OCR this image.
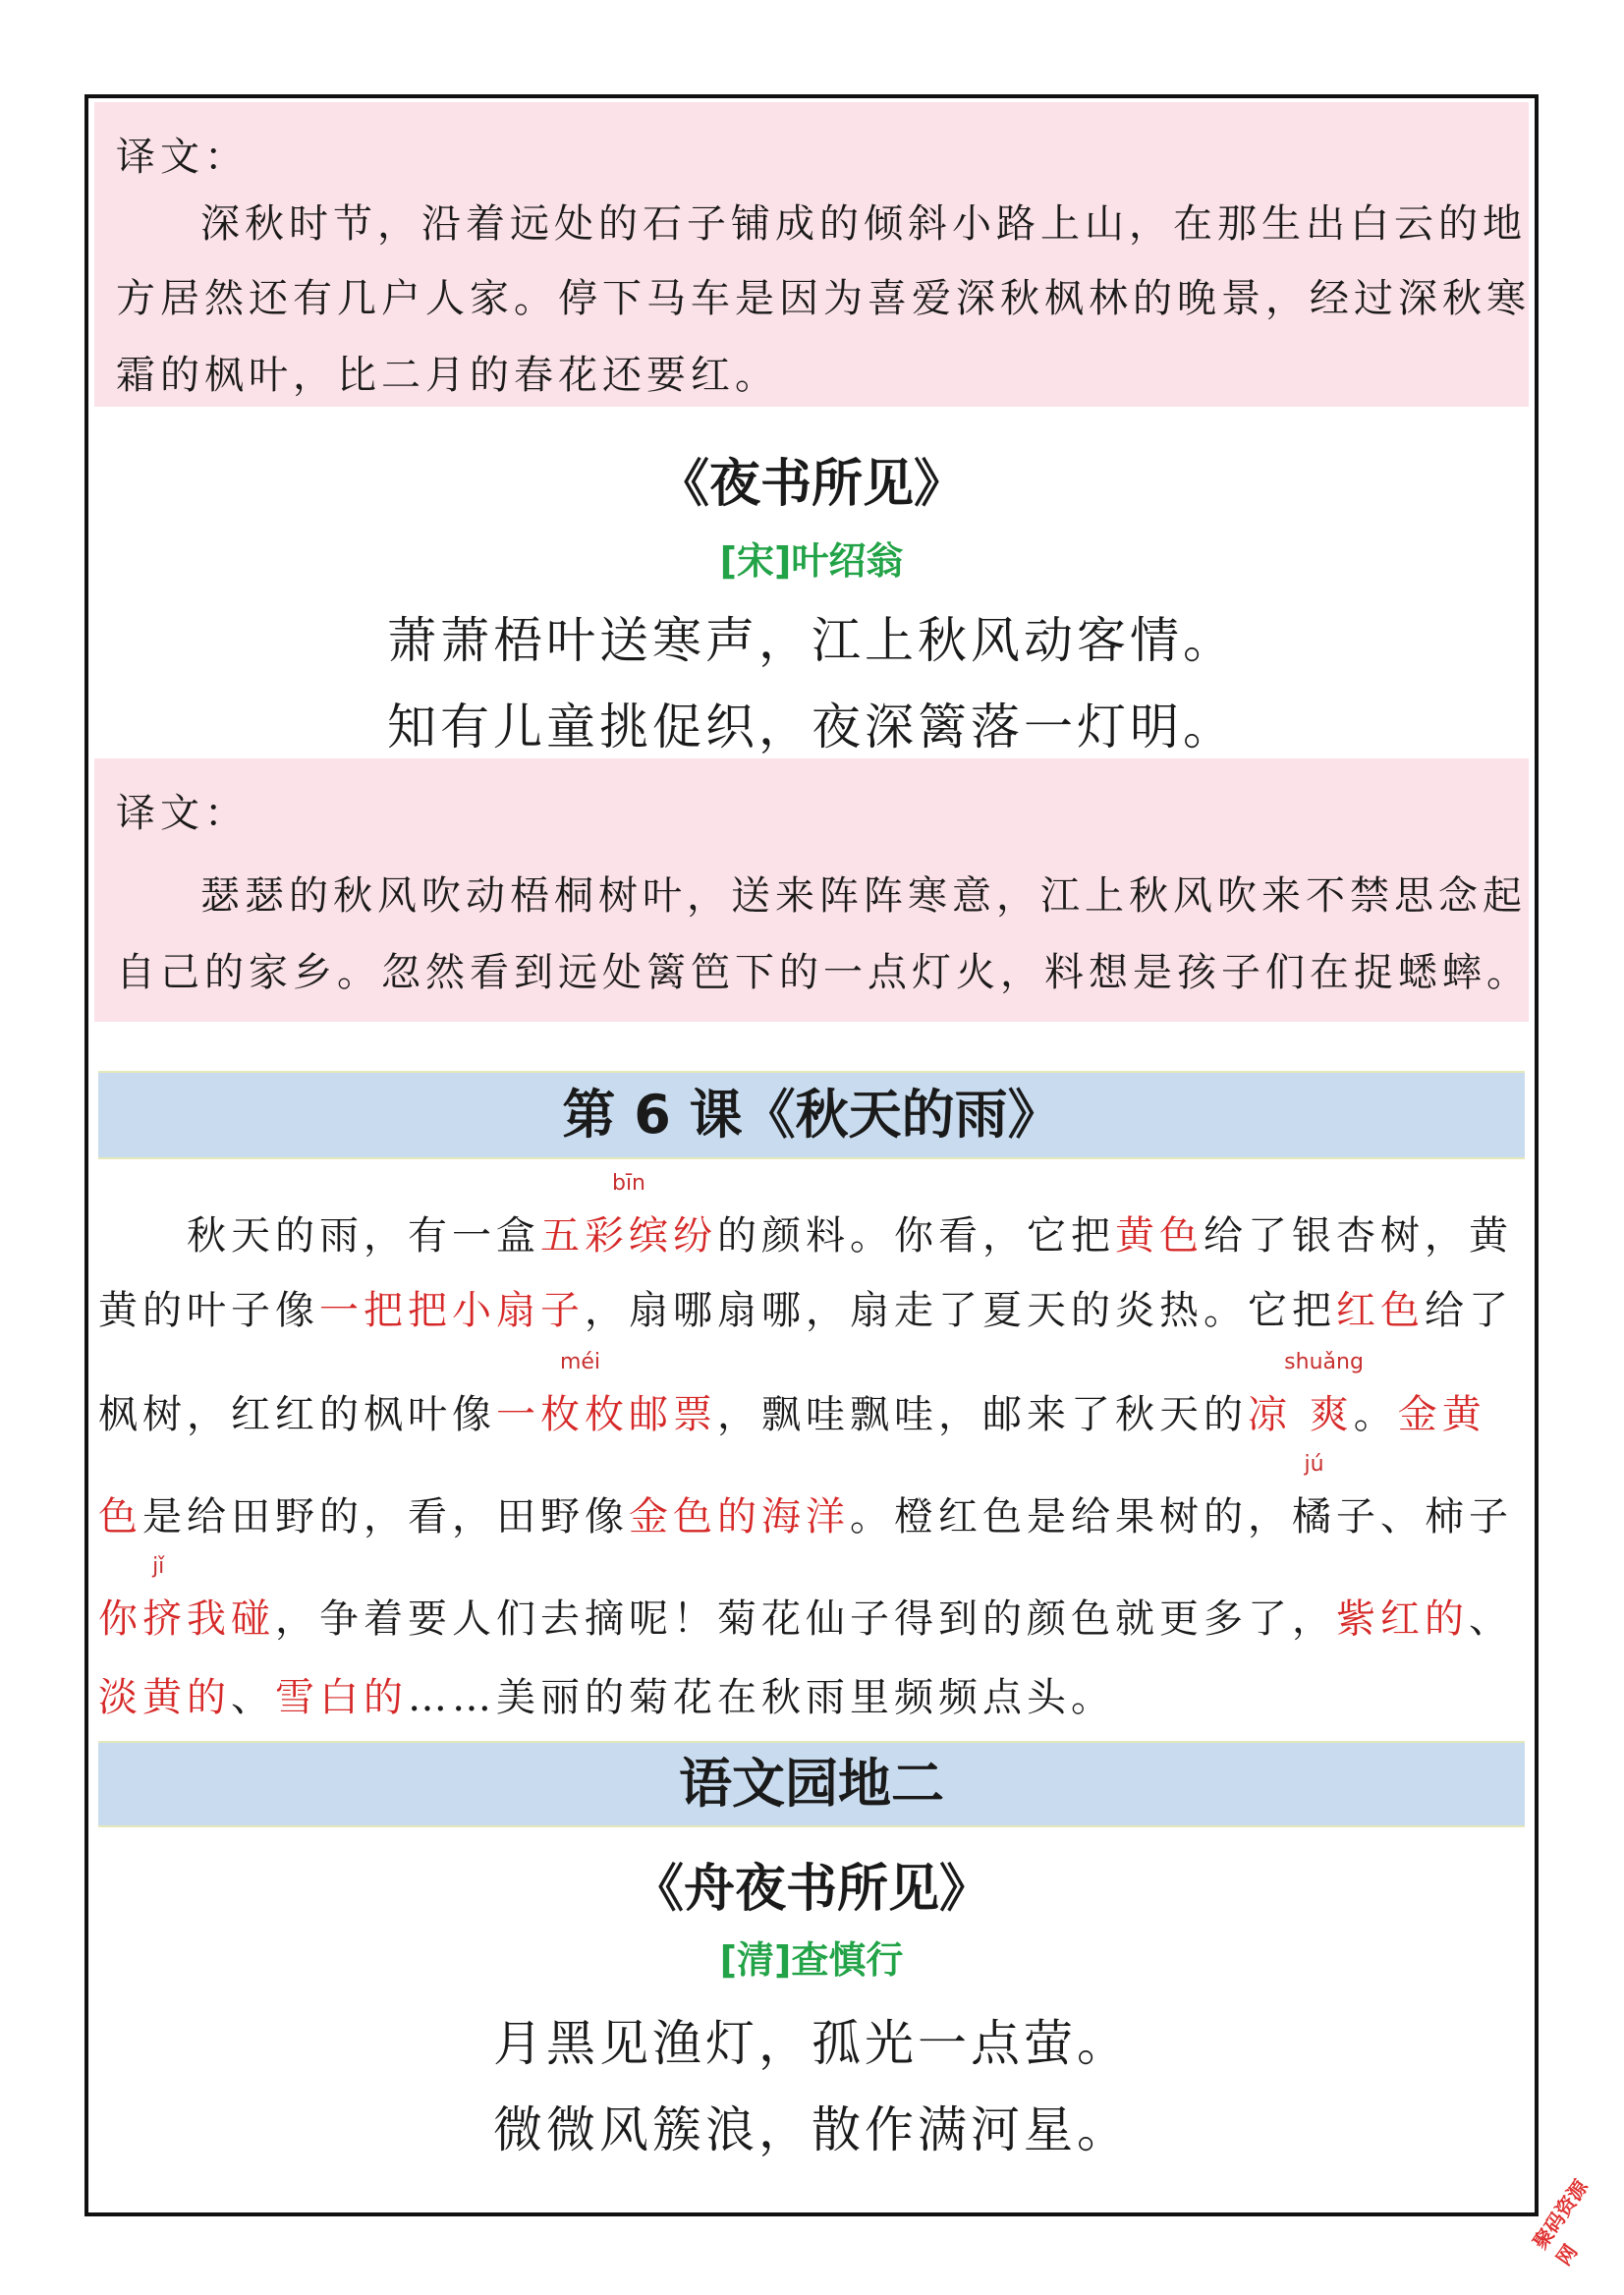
译文：
深秋时节，沿着远处的石子铺成的倾斜小路上山，在那生出白云的地
方居然还有几户人家。停下马车是因为喜爱深秋枫林的晚景，经过深秋寒
霜的枫叶，比二月的春花还要红。
《夜书所见》
[宋]叶绍翁
萧萧梧叶送寒声，江上秋风动客情。
知有儿童挑促织，夜深篱落一灯明。
译文：
瑟瑟的秋风吹动梧桐树叶，送来阵阵寒意，江上秋风吹来不禁思念起
自己的家乡。忽然看到远处篱笆下的一点灯火，料想是孩子们在捉蟋蟀。
第 6 课《秋天的雨》
秋天的雨，有一盒
bīn
五彩缤纷的颜料。你看，它把黄色给了银杏树，黄
黄的叶子像一把把小扇子，扇哪扇哪，扇走了夏天的炎热。它把红色给了
枫树，红红的枫叶像
méi
一枚枚邮票，飘哇飘哇，邮来了秋天的
shuǎng
凉 爽。金黄
色是给田野的，看，田野像金色的海洋。橙红色是给果树的，
jú
橘子、柿子
jǐ
你挤我碰，争着要人们去摘呢！菊花仙子得到的颜色就更多了，紫红的、
淡黄的、雪白的……美丽的菊花在秋雨里频频点头。
语文园地二
《舟夜书所见》
[清]查慎行
月黑见渔灯，孤光一点萤。
微微风簇浪，散作满河星。
聚码资源网
